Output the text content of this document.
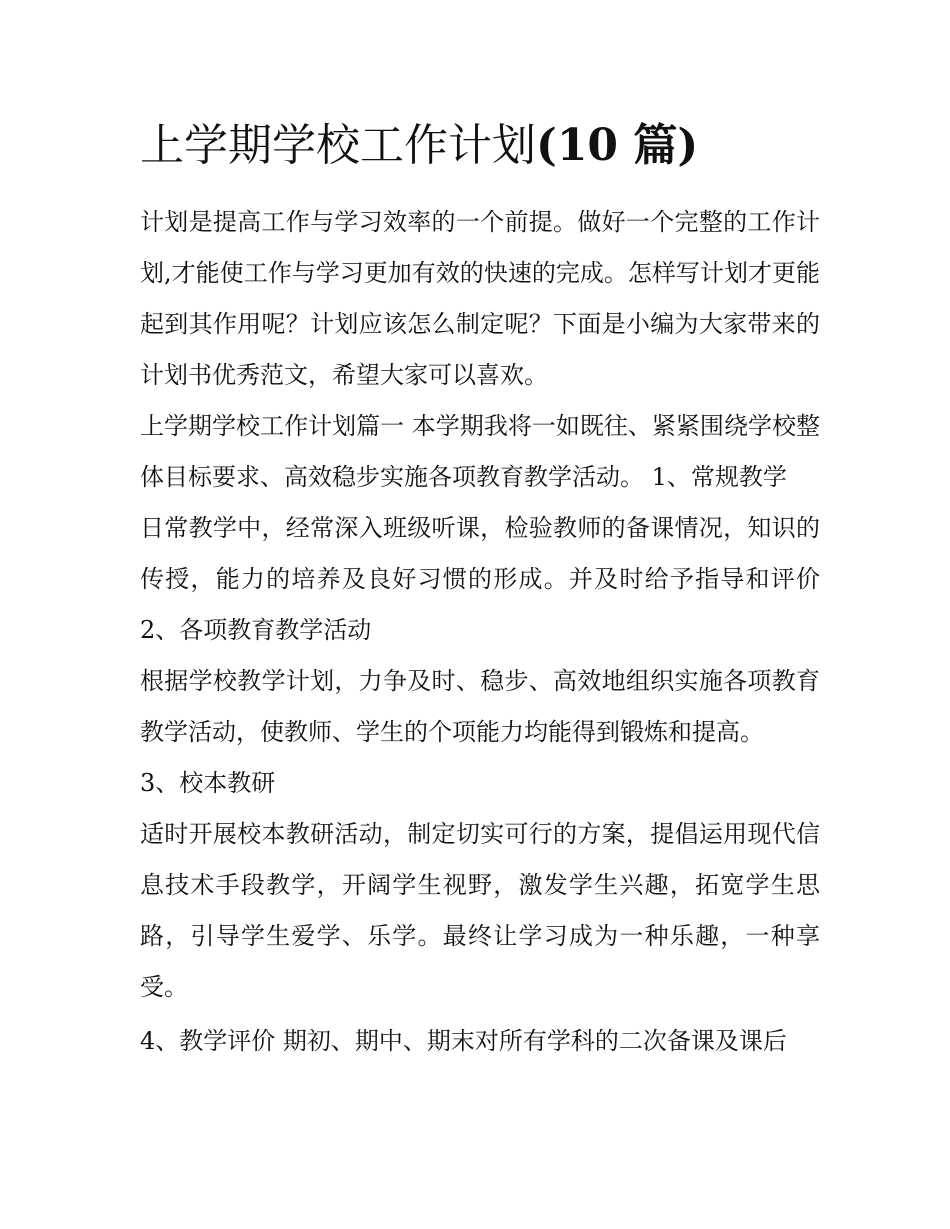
上学期学校工作计划(10 篇)

计划是提高工作与学习效率的一个前提。做好一个完整的工作计划,才能使工作与学习更加有效的快速的完成。怎样写计划才更能起到其作用呢？计划应该怎么制定呢？下面是小编为大家带来的计划书优秀范文，希望大家可以喜欢。

上学期学校工作计划篇一 本学期我将一如既往、紧紧围绕学校整体目标要求、高效稳步实施各项教育教学活动。 1、常规教学

日常教学中，经常深入班级听课，检验教师的备课情况，知识的传授，能力的培养及良好习惯的形成。并及时给予指导和评价 2、各项教育教学活动

根据学校教学计划，力争及时、稳步、高效地组织实施各项教育教学活动，使教师、学生的个项能力均能得到锻炼和提高。

3、校本教研

适时开展校本教研活动，制定切实可行的方案，提倡运用现代信息技术手段教学，开阔学生视野，激发学生兴趣，拓宽学生思路，引导学生爱学、乐学。最终让学习成为一种乐趣，一种享受。

4、教学评价 期初、期中、期末对所有学科的二次备课及课后
